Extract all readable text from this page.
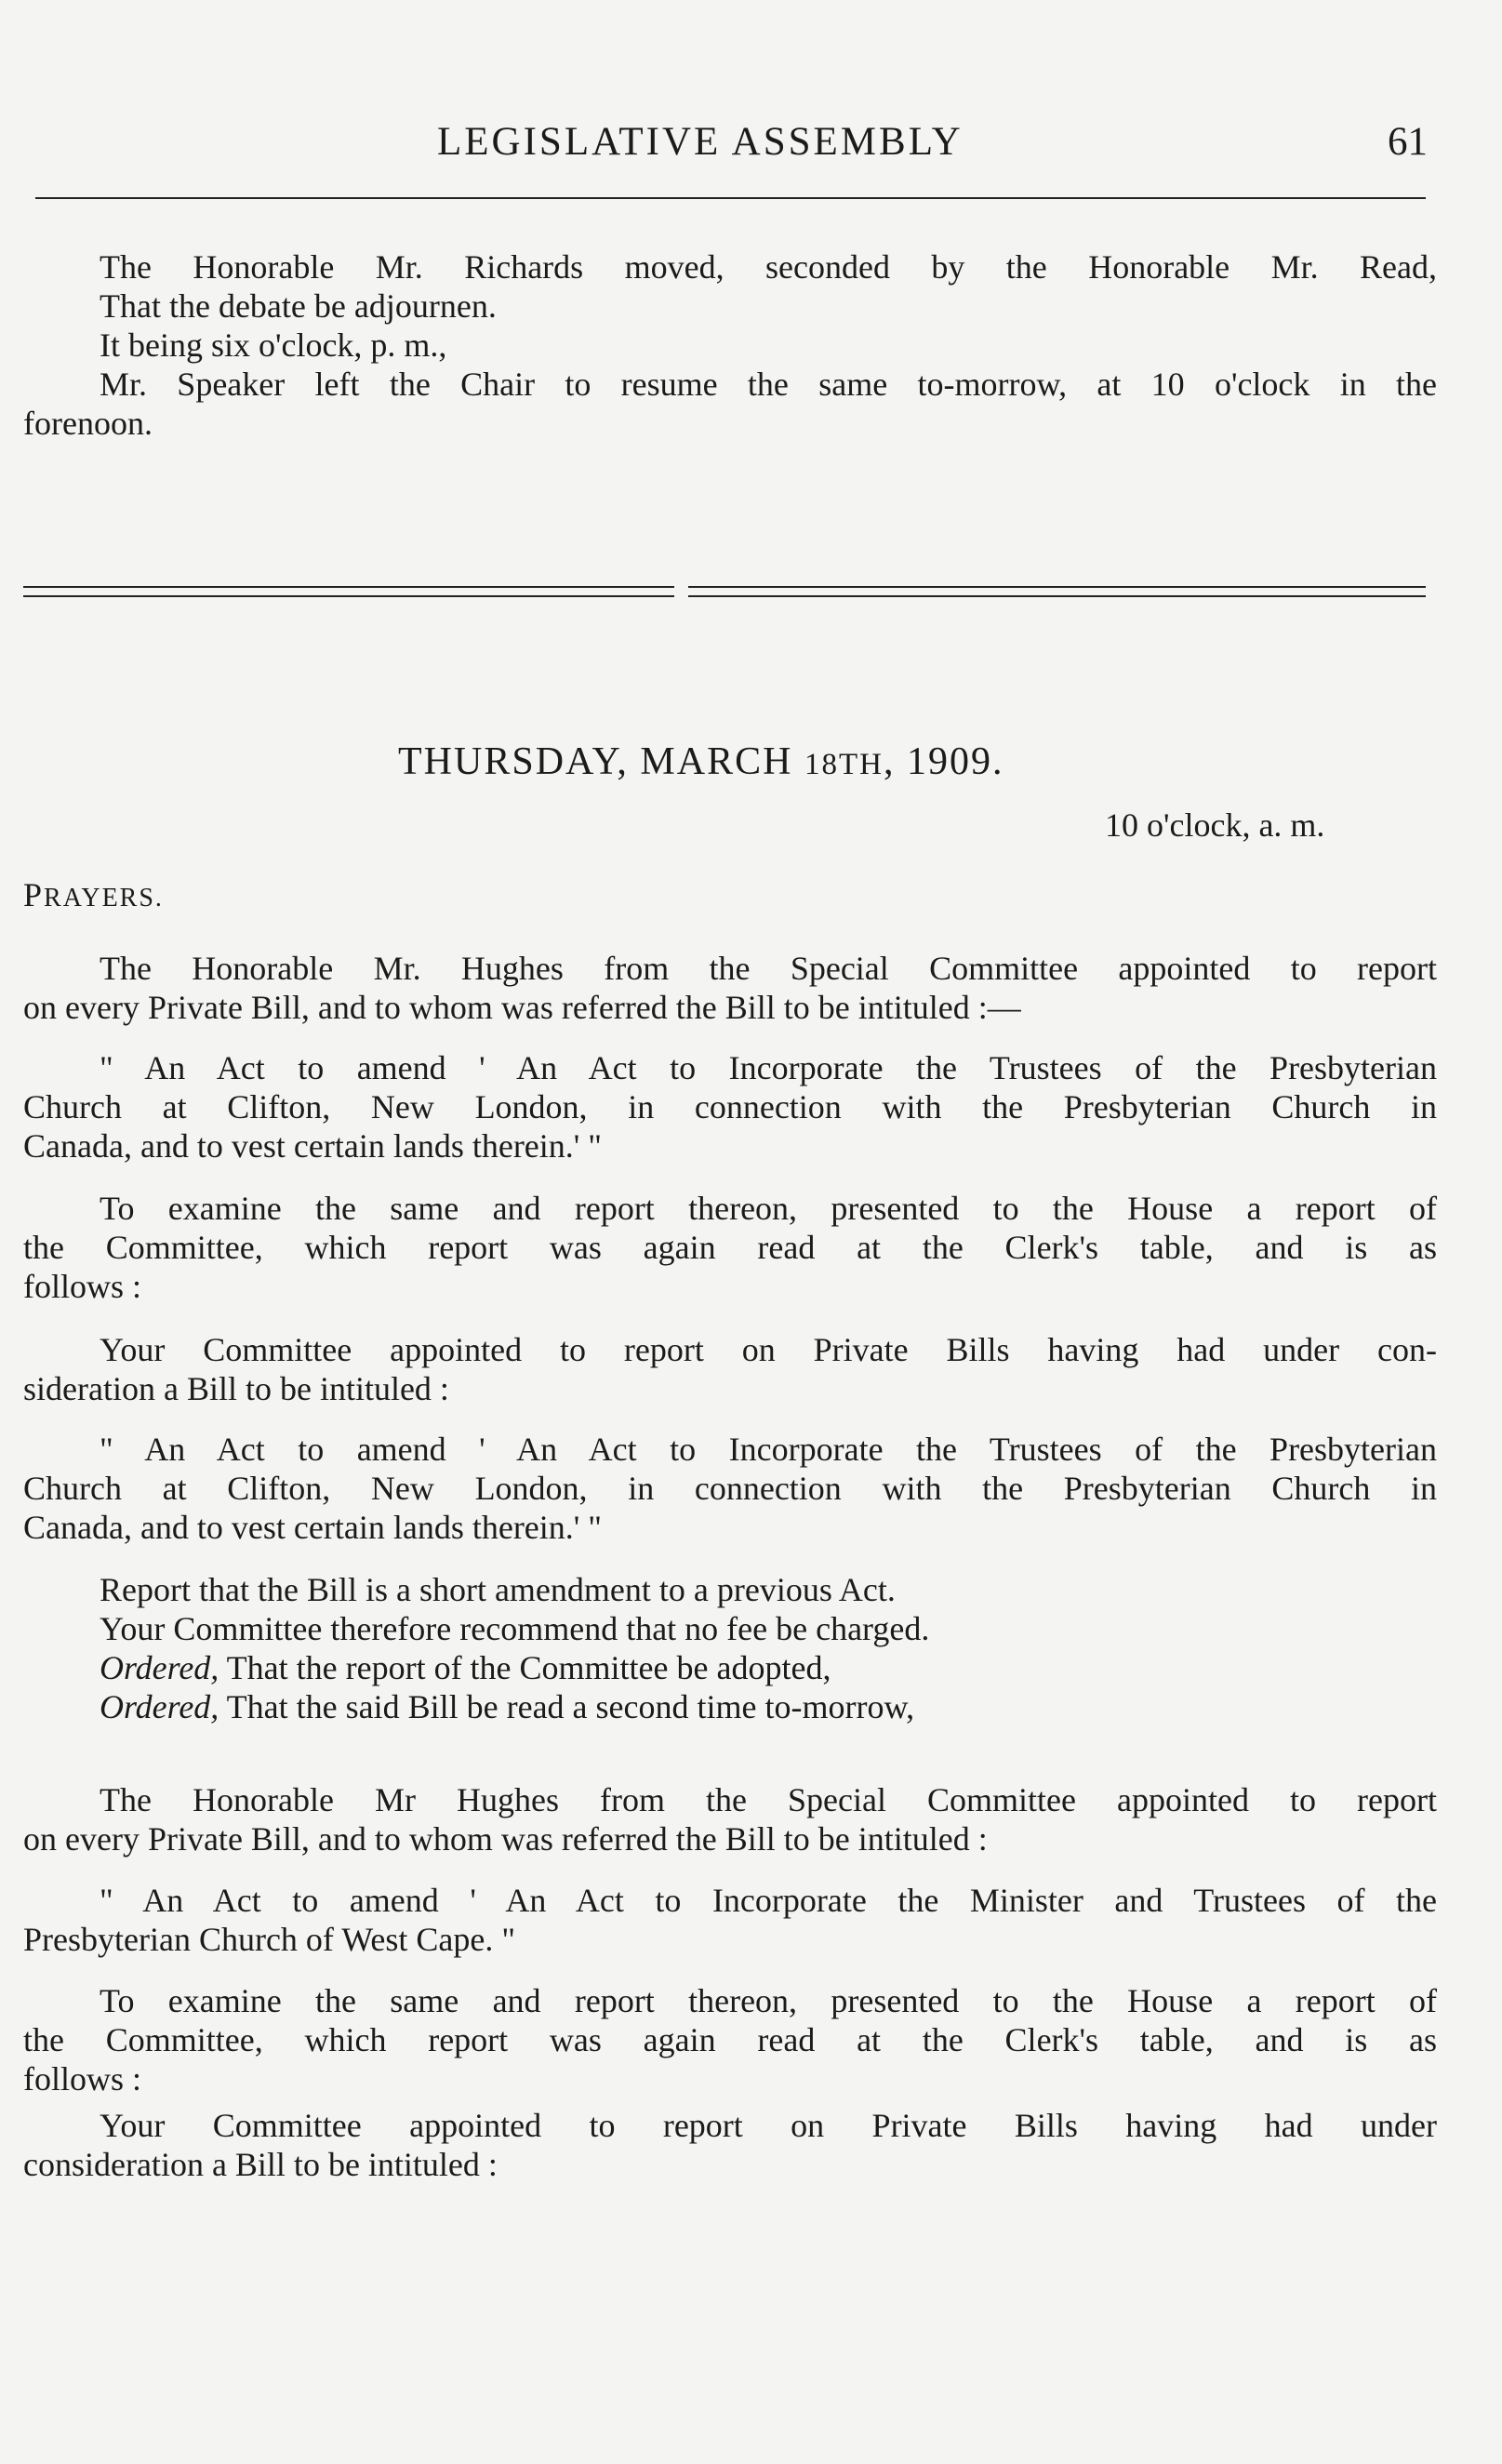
LEGISLATIVE ASSEMBLY	61
The Honorable Mr. Richards moved, seconded by the Honorable Mr. Read,
That the debate be adjournen.
It being six o'clock, p. m.,
Mr. Speaker left the Chair to resume the same to-morrow, at 10 o'clock in the
forenoon.
THURSDAY, MARCH 18TH, 1909.
10 o'clock, a. m.
PRAYERS.
The Honorable Mr. Hughes from the Special Committee appointed to report
on every Private Bill, and to whom was referred the Bill to be intituled :—
" An Act to amend ' An Act to Incorporate the Trustees of the Presbyterian
Church at Clifton, New London, in connection with the Presbyterian Church in
Canada, and to vest certain lands therein.' "
To examine the same and report thereon, presented to the House a report of
the Committee, which report was again read at the Clerk's table, and is as
follows :
Your Committee appointed to report on Private Bills having had under con-
sideration a Bill to be intituled :
" An Act to amend ' An Act to Incorporate the Trustees of the Presbyterian
Church at Clifton, New London, in connection with the Presbyterian Church in
Canada, and to vest certain lands therein.' "
Report that the Bill is a short amendment to a previous Act.
Your Committee therefore recommend that no fee be charged.
Ordered, That the report of the Committee be adopted,
Ordered, That the said Bill be read a second time to-morrow,
The Honorable Mr Hughes from the Special Committee appointed to report
on every Private Bill, and to whom was referred the Bill to be intituled :
" An Act to amend ' An Act to Incorporate the Minister and Trustees of the
Presbyterian Church of West Cape. "
To examine the same and report thereon, presented to the House a report of
the Committee, which report was again read at the Clerk's table, and is as
follows :
Your Committee appointed to report on Private Bills having had under
consideration a Bill to be intituled :
